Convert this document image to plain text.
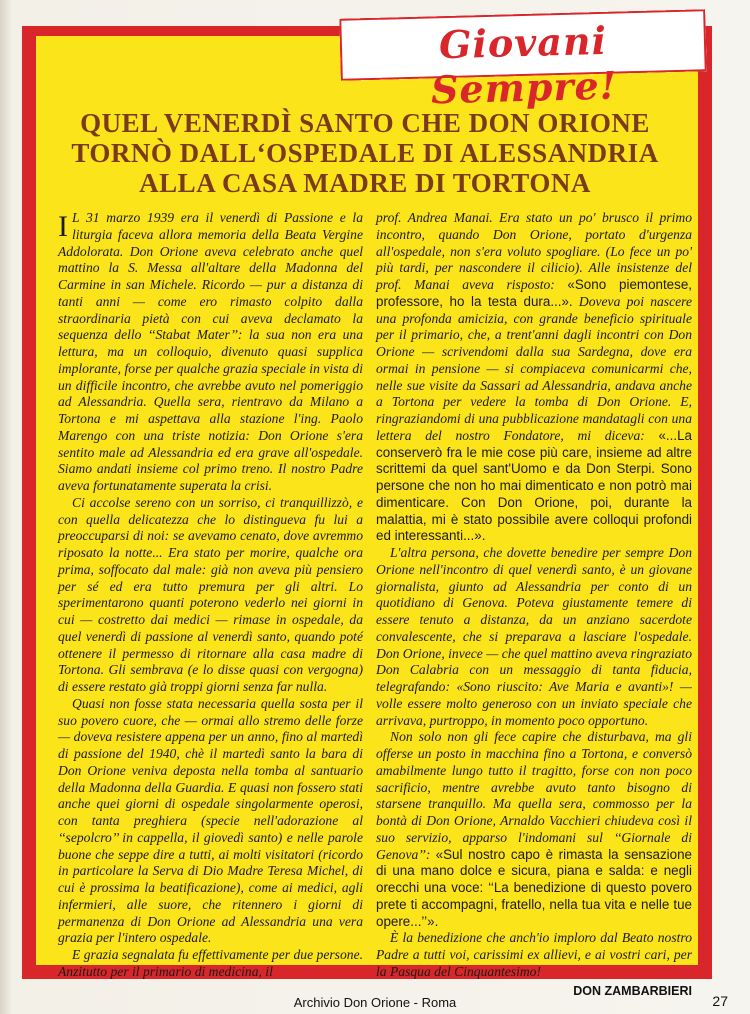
Giovani Sempre!
QUEL VENERDÌ SANTO CHE DON ORIONE
TORNÒ DALL‘OSPEDALE DI ALESSANDRIA
ALLA CASA MADRE DI TORTONA

I L 31 marzo 1939 era il venerdì di Passione e la liturgia faceva allora memoria della Beata Vergine Addolorata. Don Orione aveva celebrato anche quel mattino la S. Messa all'altare della Madonna del Carmine in san Michele. Ricordo — pur a distanza di tanti anni — come ero rimasto colpito dalla straordinaria pietà con cui aveva declamato la sequenza dello ‘‘Stabat Mater’’: la sua non era una lettura, ma un colloquio, divenuto quasi supplica implorante, forse per qualche grazia speciale in vista di un difficile incontro, che avrebbe avuto nel pomeriggio ad Alessandria. Quella sera, rientravo da Milano a Tortona e mi aspettava alla stazione l'ing. Paolo Marengo con una triste notizia: Don Orione s'era sentito male ad Alessandria ed era grave all'ospedale. Siamo andati insieme col primo treno. Il nostro Padre aveva fortunatamente superata la crisi.

Ci accolse sereno con un sorriso, ci tranquillizzò, e con quella delicatezza che lo distingueva fu lui a preoccuparsi di noi: se avevamo cenato, dove avremmo riposato la notte... Era stato per morire, qualche ora prima, soffocato dal male: già non aveva più pensiero per sé ed era tutto premura per gli altri. Lo sperimentarono quanti poterono vederlo nei giorni in cui — costretto dai medici — rimase in ospedale, da quel venerdì di passione al venerdì santo, quando poté ottenere il permesso di ritornare alla casa madre di Tortona. Gli sembrava (e lo disse quasi con vergogna) di essere restato già troppi giorni senza far nulla.

Quasi non fosse stata necessaria quella sosta per il suo povero cuore, che — ormai allo stremo delle forze — doveva resistere appena per un anno, fino al martedì di passione del 1940, chè il martedì santo la bara di Don Orione veniva deposta nella tomba al santuario della Madonna della Guardia. E quasi non fossero stati anche quei giorni di ospedale singolarmente operosi, con tanta preghiera (specie nell'adorazione al ‘‘sepolcro’’ in cappella, il giovedì santo) e nelle parole buone che seppe dire a tutti, ai molti visitatori (ricordo in particolare la Serva di Dio Madre Teresa Michel, di cui è prossima la beatificazione), come ai medici, agli infermieri, alle suore, che ritennero i giorni di permanenza di Don Orione ad Alessandria una vera grazia per l'intero ospedale.

E grazia segnalata fu effettivamente per due persone. Anzitutto per il primario di medicina, il

prof. Andrea Manai. Era stato un po' brusco il primo incontro, quando Don Orione, portato d'urgenza all'ospedale, non s'era voluto spogliare. (Lo fece un po' più tardi, per nascondere il cilicio). Alle insistenze del prof. Manai aveva risposto: «Sono piemontese, professore, ho la testa dura...». Doveva poi nascere una profonda amicizia, con grande beneficio spirituale per il primario, che, a trent'anni dagli incontri con Don Orione — scrivendomi dalla sua Sardegna, dove era ormai in pensione — si compiaceva comunicarmi che, nelle sue visite da Sassari ad Alessandria, andava anche a Tortona per vedere la tomba di Don Orione. E, ringraziandomi di una pubblicazione mandatagli con una lettera del nostro Fondatore, mi diceva: «...La conserverò fra le mie cose più care, insieme ad altre scrittemi da quel sant'Uomo e da Don Sterpi. Sono persone che non ho mai dimenticato e non potrò mai dimenticare. Con Don Orione, poi, durante la malattia, mi è stato possibile avere colloqui profondi ed interessanti...».

L'altra persona, che dovette benedire per sempre Don Orione nell'incontro di quel venerdì santo, è un giovane giornalista, giunto ad Alessandria per conto di un quotidiano di Genova. Poteva giustamente temere di essere tenuto a distanza, da un anziano sacerdote convalescente, che si preparava a lasciare l'ospedale. Don Orione, invece — che quel mattino aveva ringraziato Don Calabria con un messaggio di tanta fiducia, telegrafando: «Sono riuscito: Ave Maria e avanti»! — volle essere molto generoso con un inviato speciale che arrivava, purtroppo, in momento poco opportuno.

Non solo non gli fece capire che disturbava, ma gli offerse un posto in macchina fino a Tortona, e conversò amabilmente lungo tutto il tragitto, forse con non poco sacrificio, mentre avrebbe avuto tanto bisogno di starsene tranquillo. Ma quella sera, commosso per la bontà di Don Orione, Arnaldo Vacchieri chiudeva così il suo servizio, apparso l'indomani sul ‘‘Giornale di Genova’’: «Sul nostro capo è rimasta la sensazione di una mano dolce e sicura, piana e salda: e negli orecchi una voce: ‘‘La benedizione di questo povero prete ti accompagni, fratello, nella tua vita e nelle tue opere...’’».

È la benedizione che anch'io imploro dal Beato nostro Padre a tutti voi, carissimi ex allievi, e ai vostri cari, per la Pasqua del Cinquantesimo!

DON ZAMBARBIERI
Archivio Don Orione - Roma	27
